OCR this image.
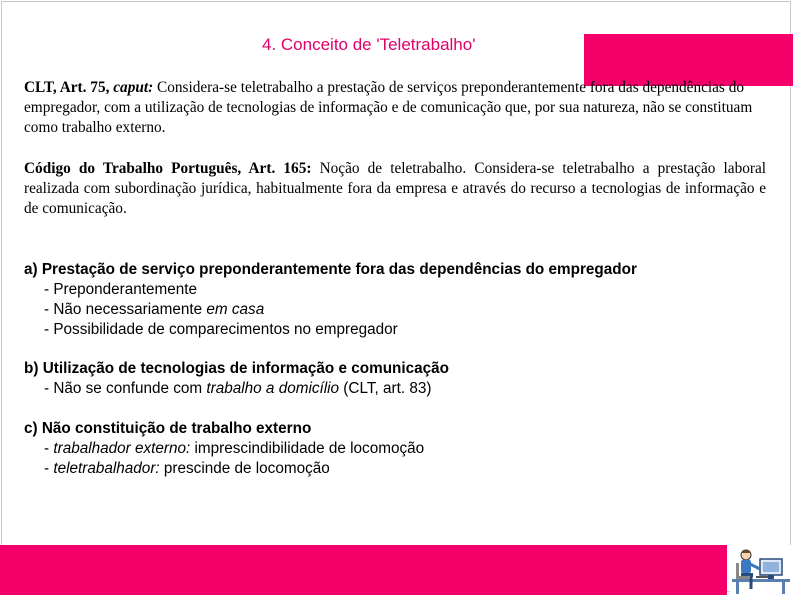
4. Conceito de 'Teletrabalho'
CLT, Art. 75, caput: Considera-se teletrabalho a prestação de serviços preponderantemente fora das dependências do empregador, com a utilização de tecnologias de informação e de comunicação que, por sua natureza, não se constituam como trabalho externo.
Código do Trabalho Português, Art. 165: Noção de teletrabalho. Considera-se teletrabalho a prestação laboral realizada com subordinação jurídica, habitualmente fora da empresa e através do recurso a tecnologias de informação e de comunicação.
a) Prestação de serviço preponderantemente fora das dependências do empregador
- Preponderantemente
- Não necessariamente em casa
- Possibilidade de comparecimentos no empregador
b) Utilização de tecnologias de informação e comunicação
- Não se confunde com trabalho a domicílio (CLT, art. 83)
c) Não constituição de trabalho externo
- trabalhador externo: imprescindibilidade de locomoção
- teletrabalhador: prescinde de locomoção
